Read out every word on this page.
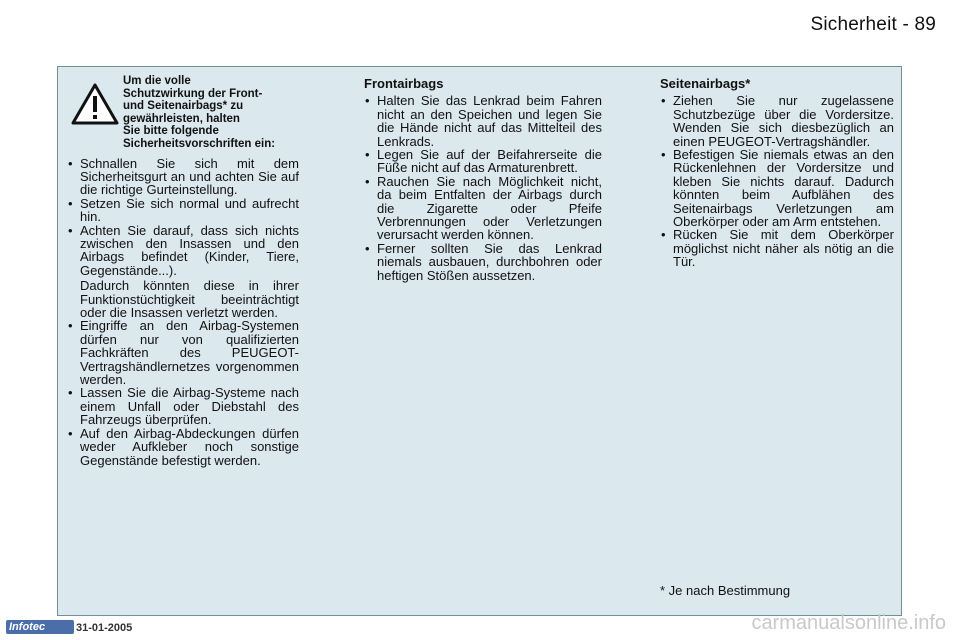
Sicherheit - 89
Um die volle
Schutzwirkung der Front-
und Seitenairbags* zu
gewährleisten, halten
Sie bitte folgende
Sicherheitsvorschriften ein:
• Schnallen Sie sich mit dem Sicherheitsgurt an und achten Sie auf die richtige Gurteinstellung.
• Setzen Sie sich normal und aufrecht hin.
• Achten Sie darauf, dass sich nichts zwischen den Insassen und den Airbags befindet (Kinder, Tiere, Gegenstände...).
Dadurch könnten diese in ihrer Funktionstüchtigkeit beeinträchtigt oder die Insassen verletzt werden.
• Eingriffe an den Airbag-Systemen dürfen nur von qualifizierten Fachkräften des PEUGEOT-Vertragshändlernetzes vorgenommen werden.
• Lassen Sie die Airbag-Systeme nach einem Unfall oder Diebstahl des Fahrzeugs überprüfen.
• Auf den Airbag-Abdeckungen dürfen weder Aufkleber noch sonstige Gegenstände befestigt werden.
Frontairbags
• Halten Sie das Lenkrad beim Fahren nicht an den Speichen und legen Sie die Hände nicht auf das Mittelteil des Lenkrads.
• Legen Sie auf der Beifahrerseite die Füße nicht auf das Armaturenbrett.
• Rauchen Sie nach Möglichkeit nicht, da beim Entfalten der Airbags durch die Zigarette oder Pfeife Verbrennungen oder Verletzungen verursacht werden können.
• Ferner sollten Sie das Lenkrad niemals ausbauen, durchbohren oder heftigen Stößen aussetzen.
Seitenairbags*
• Ziehen Sie nur zugelassene Schutzbezüge über die Vordersitze. Wenden Sie sich diesbezüglich an einen PEUGEOT-Vertragshändler.
• Befestigen Sie niemals etwas an den Rückenlehnen der Vordersitze und kleben Sie nichts darauf. Dadurch könnten beim Aufblähen des Seitenairbags Verletzungen am Oberkörper oder am Arm entstehen.
• Rücken Sie mit dem Oberkörper möglichst nicht näher als nötig an die Tür.
* Je nach Bestimmung
Infotec	31-01-2005	carmanualsonline.info
